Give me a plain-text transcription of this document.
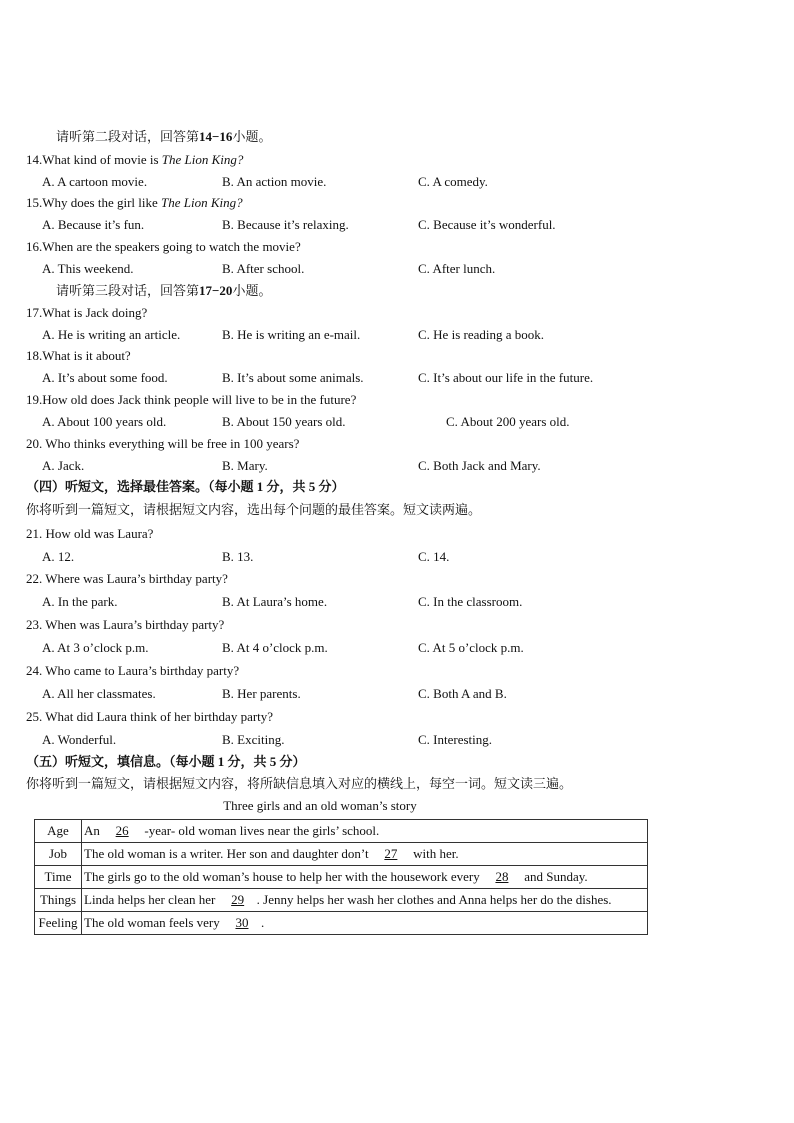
请听第二段对话，回答第14−16小题。
14.What kind of movie is The Lion King?
A. A cartoon movie.	B. An action movie.	C. A comedy.
15.Why does the girl like The Lion King?
A. Because it’s fun.	B. Because it’s relaxing.	C. Because it’s wonderful.
16.When are the speakers going to watch the movie?
A. This weekend.	B. After school.	C. After lunch.
请听第三段对话，回答第17−20小题。
17.What is Jack doing?
A. He is writing an article.	B. He is writing an e-mail.	C. He is reading a book.
18.What is it about?
A. It’s about some food.	B. It’s about some animals.	C. It’s about our life in the future.
19.How old does Jack think people will live to be in the future?
A. About 100 years old.	B. About 150 years old.	C. About 200 years old.
20. Who thinks everything will be free in 100 years?
A. Jack.	B. Mary.	C. Both Jack and Mary.
（四）听短文，选择最佳答案。（每小题 1 分，共 5 分）
你将听到一篇短文，请根据短文内容，选出每个问题的最佳答案。短文读两遍。
21. How old was Laura?
A. 12.	B. 13.	C. 14.
22. Where was Laura’s birthday party?
A. In the park.	B. At Laura’s home.	C. In the classroom.
23. When was Laura’s birthday party?
A. At 3 o’clock p.m.	B. At 4 o’clock p.m.	C. At 5 o’clock p.m.
24. Who came to Laura’s birthday party?
A. All her classmates.	B. Her parents.	C. Both A and B.
25. What did Laura think of her birthday party?
A. Wonderful.	B. Exciting.	C. Interesting.
（五）听短文，填信息。（每小题 1 分，共 5 分）
你将听到一篇短文，请根据短文内容，将所缺信息填入对应的横线上，每空一词。短文读三遍。
Three girls and an old woman’s story
Age	An 26 -year- old woman lives near the girls’ school.
Job	The old woman is a writer. Her son and daughter don’t 27 with her.
Time	The girls go to the old woman’s house to help her with the housework every 28 and Sunday.
Things	Linda helps her clean her 29 . Jenny helps her wash her clothes and Anna helps her do the dishes.
Feeling	The old woman feels very 30 .
